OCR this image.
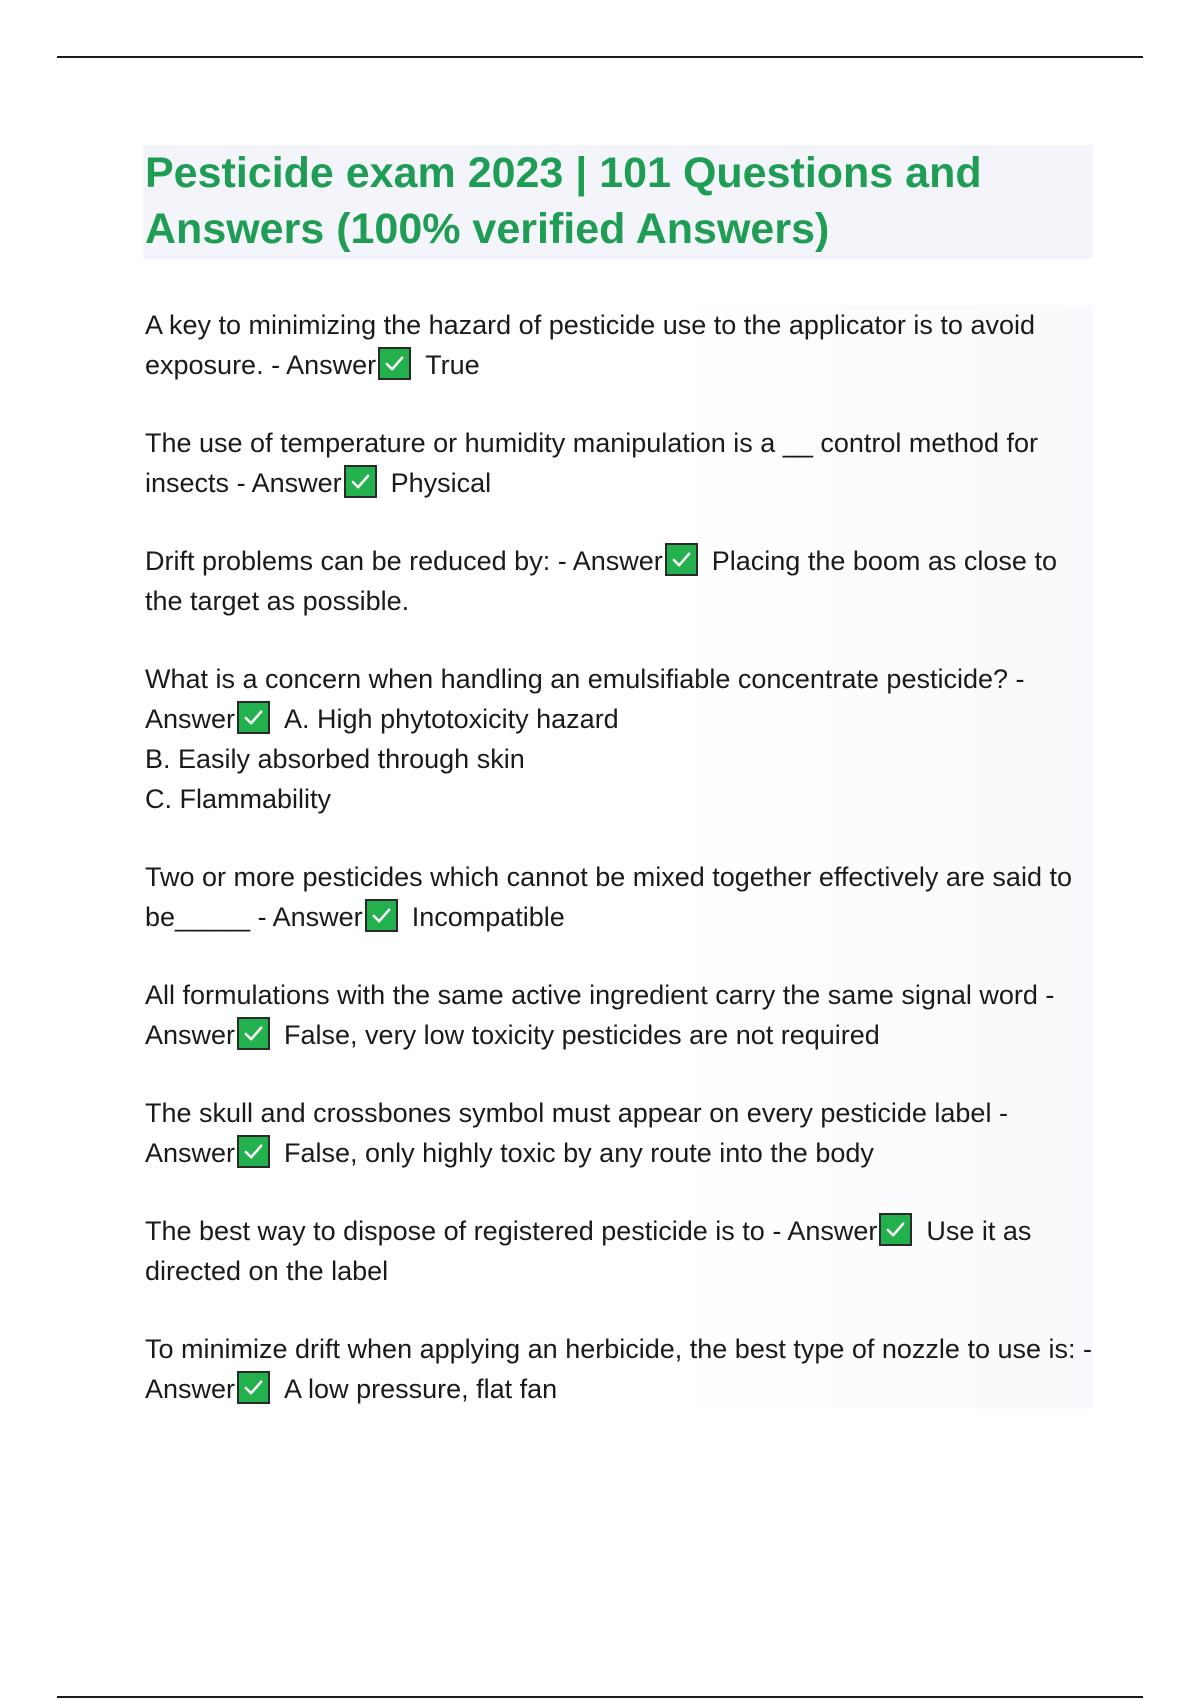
Pesticide exam 2023 | 101 Questions and Answers (100% verified Answers)
A key to minimizing the hazard of pesticide use to the applicator is to avoid exposure. - Answer True
The use of temperature or humidity manipulation is a __ control method for insects - Answer Physical
Drift problems can be reduced by: - Answer Placing the boom as close to the target as possible.
What is a concern when handling an emulsifiable concentrate pesticide? - Answer A. High phytotoxicity hazard
B. Easily absorbed through skin
C. Flammability
Two or more pesticides which cannot be mixed together effectively are said to be_____ - Answer Incompatible
All formulations with the same active ingredient carry the same signal word - Answer False, very low toxicity pesticides are not required
The skull and crossbones symbol must appear on every pesticide label - Answer False, only highly toxic by any route into the body
The best way to dispose of registered pesticide is to - Answer Use it as directed on the label
To minimize drift when applying an herbicide, the best type of nozzle to use is: - Answer A low pressure, flat fan
